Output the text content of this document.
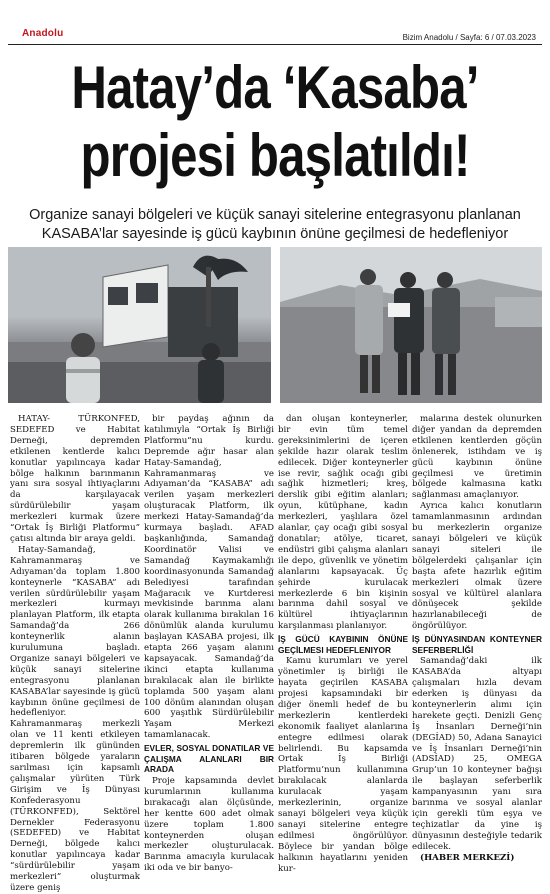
Anadolu	Bizim Anadolu / Sayfa: 6 / 07.03.2023
Hatay’da ‘Kasaba’
projesi başlatıldı!
Organize sanayi bölgeleri ve küçük sanayi sitelerine entegrasyonu planlanan KASABA’lar sayesinde iş gücü kaybının önüne geçilmesi de hedefleniyor

HATAY- TÜRKONFED, SEDEFED ve Habitat Derneği, depremden etkilenen kentlerde kalıcı konutlar yapılıncaya kadar bölge halkının barınmanın yanı sıra sosyal ihtiyaçlarını da karşılayacak sürdürülebilir yaşam merkezleri kurmak üzere “Ortak İş Birliği Platformu” çatısı altında bir araya geldi.

Hatay-Samandağ, Kahramanmaraş ve Adıyaman’da toplam 1.800 konteynerle “KASABA” adı verilen sürdürülebilir yaşam merkezleri kurmayı planlayan Platform, ilk etapta Samandağ’da 266 konteynerlik alanın kurulumuna başladı. Organize sanayi bölgeleri ve küçük sanayi sitelerine entegrasyonu planlanan KASABA’lar sayesinde iş gücü kaybının önüne geçilmesi de hedefleniyor. Kahramanmaraş merkezli olan ve 11 kenti etkileyen depremlerin ilk gününden itibaren bölgede yaraların sarılması için kapsamlı çalışmalar yürüten Türk Girişim ve İş Dünyası Konfederasyonu (TÜRKONFED), Sektörel Dernekler Federasyonu (SEDEFED) ve Habitat Derneği, bölgede kalıcı konutlar yapılıncaya kadar “sürdürülebilir yaşam merkezleri” oluşturmak üzere geniş

bir paydaş ağının da katılımıyla “Ortak İş Birliği Platformu”nu kurdu. Depremde ağır hasar alan Hatay-Samandağ, Kahramanmaraş ve Adıyaman’da “KASABA” adı verilen yaşam merkezleri oluşturacak Platform, ilk merkezi Hatay-Samandağ’da kurmaya başladı. AFAD başkanlığında, Samandağ Koordinatör Valisi ve Samandağ Kaymakamlığı koordinasyonunda Samandağ Belediyesi tarafından Mağaracık ve Kurtderesi mevkisinde barınma alanı olarak kullanıma bırakılan 16 dönümlük alanda kurulumu başlayan KASABA projesi, ilk etapta 266 yaşam alanını kapsayacak. Samandağ’da ikinci etapta kullanıma bırakılacak alan ile birlikte toplamda 500 yaşam alanı 100 dönüm alanından oluşan 600 yaşıtlık Sürdürülebilir Yaşam Merkezi tamamlanacak.

EVLER, SOSYAL DONATILAR VE ÇALIŞMA ALANLARI BIR ARADA

Proje kapsamında devlet kurumlarının kullanıma bırakacağı alan ölçüsünde, her kentte 600 adet olmak üzere toplam 1.800 konteynerden oluşan merkezler oluşturulacak. Barınma amacıyla kurulacak iki oda ve bir banyo-

dan oluşan konteynerler, bir evin tüm temel gereksinimlerini de içeren şekilde hazır olarak teslim edilecek. Diğer konteynerler ise revir, sağlık ocağı gibi sağlık hizmetleri; kreş, derslik gibi eğitim alanları; oyun, kütüphane, kadın merkezleri, yaşlılara özel alanlar, çay ocağı gibi sosyal donatılar; atölye, ticaret, endüstri gibi çalışma alanları ile depo, güvenlik ve yönetim alanlarını kapsayacak. Üç şehirde kurulacak merkezlerde 6 bin kişinin barınma dahil sosyal ve kültürel ihtiyaçlarının karşılanması planlanıyor.

İŞ GÜCÜ KAYBININ ÖNÜNE GEÇİLMESI HEDEFLENIYOR

Kamu kurumları ve yerel yönetimler iş birliği ile hayata geçirilen KASABA projesi kapsamındaki bir diğer önemli hedef de bu merkezlerin kentlerdeki ekonomik faaliyet alanlarına entegre edilmesi olarak belirlendi. Bu kapsamda Ortak İş Birliği Platformu’nun kullanımına bırakılacak alanlarda kurulacak yaşam merkezlerinin, organize sanayi bölgeleri veya küçük sanayi sitelerine entegre edilmesi öngörülüyor. Böylece bir yandan bölge halkının hayatlarını yeniden kur-

malarına destek olunurken diğer yandan da depremden etkilenen kentlerden göçün önlenerek, istihdam ve iş gücü kaybının önüne geçilmesi ve üretimin bölgede kalmasına katkı sağlanması amaçlanıyor.

Ayrıca kalıcı konutların tamamlanmasının ardından bu merkezlerin organize sanayi bölgeleri ve küçük sanayi siteleri ile bölgelerdeki çalışanlar için başta afete hazırlık eğitim merkezleri olmak üzere sosyal ve kültürel alanlara dönüşecek şekilde hazırlanabileceği de öngörülüyor.

İŞ DÜNYASINDAN KONTEYNER SEFERBERLİĞİ

Samandağ’daki ilk KASABA’da altyapı çalışmaları hızla devam ederken iş dünyası da konteynerlerin alımı için harekete geçti. Denizli Genç İş İnsanları Derneği’nin (DEGİAD) 50, Adana Sanayici ve İş İnsanları Derneği’nin (ADSİAD) 25, OMEGA Grup’un 10 konteyner bağışı ile başlayan seferberlik kampanyasının yanı sıra barınma ve sosyal alanlar için gerekli tüm eşya ve teçhizatlar da yine iş dünyasının desteğiyle tedarik edilecek.

(HABER MERKEZİ)
